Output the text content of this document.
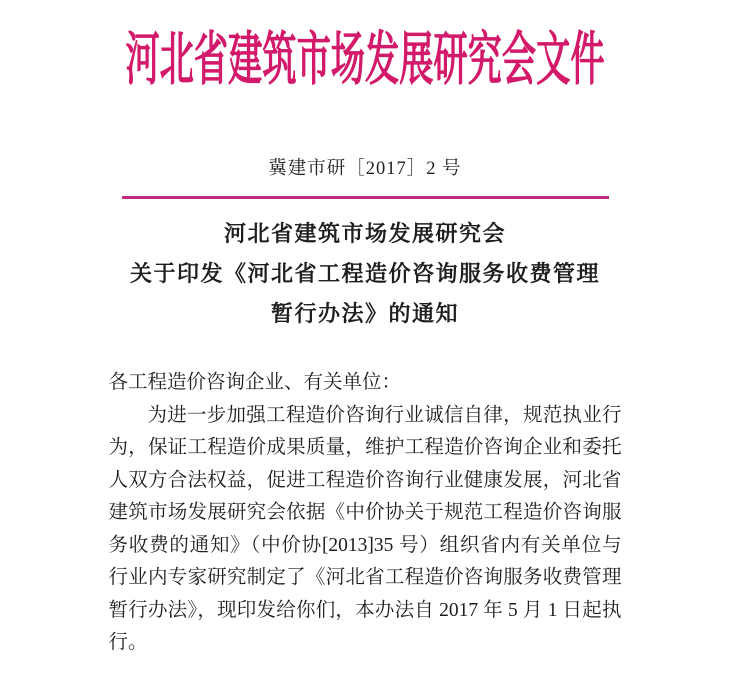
河北省建筑市场发展研究会文件
冀建市研［2017］2 号
河北省建筑市场发展研究会
关于印发《河北省工程造价咨询服务收费管理
暂行办法》的通知
各工程造价咨询企业、有关单位：
为进一步加强工程造价咨询行业诚信自律，规范执业行
为，保证工程造价成果质量，维护工程造价咨询企业和委托
人双方合法权益，促进工程造价咨询行业健康发展，河北省
建筑市场发展研究会依据《中价协关于规范工程造价咨询服
务收费的通知》（中价协[2013]35 号）组织省内有关单位与
行业内专家研究制定了《河北省工程造价咨询服务收费管理
暂行办法》，现印发给你们，本办法自 2017 年 5 月 1 日起执
行。
